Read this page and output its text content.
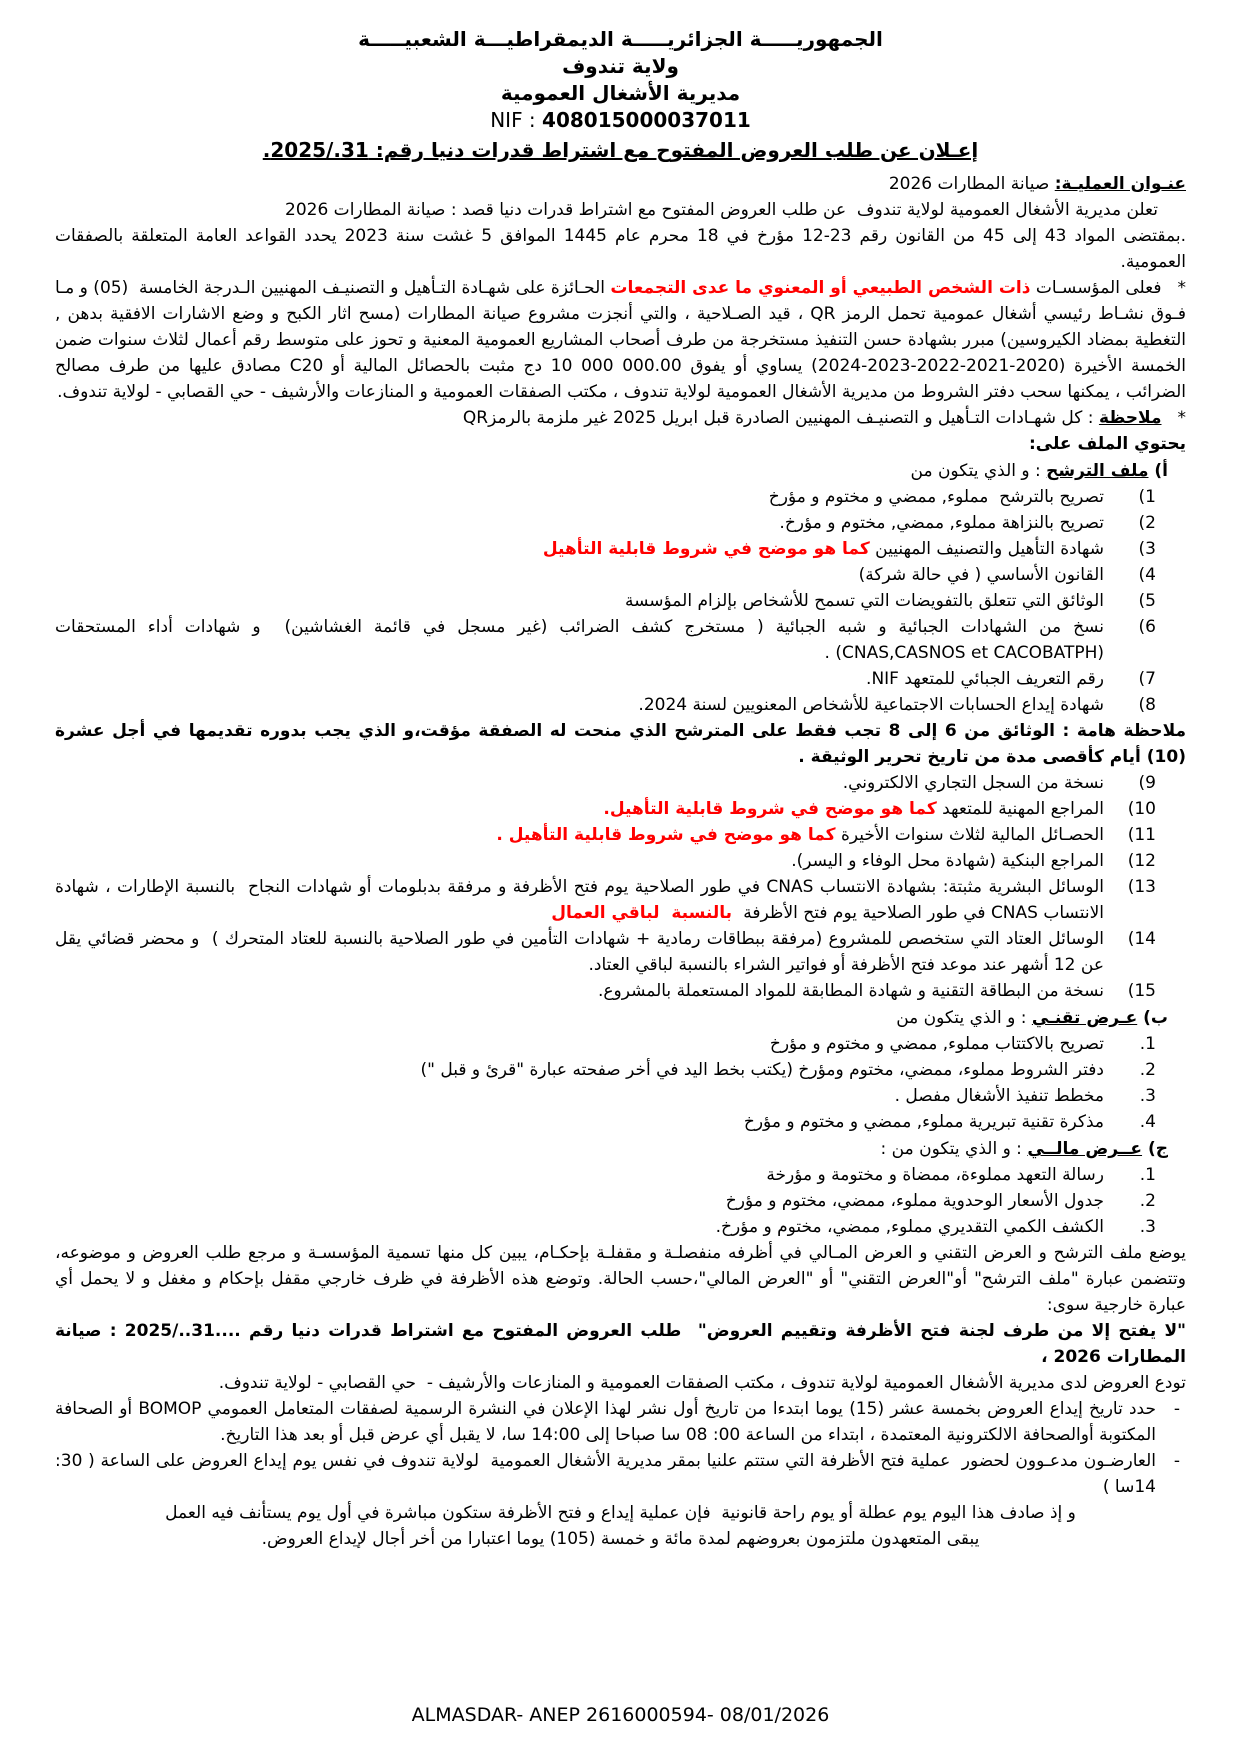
الجمهوريـــــة الجزائريـــــة الديمقراطيـــة الشعبيـــــة
ولاية تندوف
مديرية الأشغال العمومية
NIF : 408015000037011
إعـلان عن طلب العروض المفتوح مع اشتراط قدرات دنيا رقم: 31./2025.
عنـوان العمليـة: صيانة المطارات 2026
تعلن مديرية الأشغال العمومية لولاية تندوف  عن طلب العروض المفتوح مع اشتراط قدرات دنيا قصد : صيانة المطارات 2026
.بمقتضى المواد 43 إلى 45 من القانون رقم 23-12 مؤرخ في 18 محرم عام 1445 الموافق 5 غشت سنة 2023 يحدد القواعد العامة المتعلقة بالصفقات العمومية.
*فعلى المؤسسـات ذات الشخص الطبيعي أو المعنوي ما عدى التجمعات الحـائزة على شهـادة التـأهيل و التصنيـف المهنيين الـدرجة الخامسة  (05) و مـا فـوق نشـاط رئيسي أشغال عمومية تحمل الرمز QR ، قيد الصـلاحية ، والتي أنجزت مشروع صيانة المطارات (مسح اثار الكبح و وضع الاشارات الافقية بدهن , التغطية بمضاد الكيروسين) مبرر بشهادة حسن التنفيذ مستخرجة من طرف أصحاب المشاريع العمومية المعنية و تحوز على متوسط رقم أعمال لثلاث سنوات ضمن الخمسة الأخيرة (2020-2021-2022-2023-2024) يساوي أو يفوق 10 000 000.00 دج مثبت بالحصائل المالية أو C20 مصادق عليها من طرف مصالح الضرائب ، يمكنها سحب دفتر الشروط من مديرية الأشغال العمومية لولاية تندوف ، مكتب الصفقات العمومية و المنازعات والأرشيف - حي القصابي - لولاية تندوف.
*ملاحظة : كل شهـادات التـأهيل و التصنيـف المهنيين الصادرة قبل ابريل 2025 غير ملزمة بالرمزQR
يحتوي الملف على:
أ) ملف الترشح : و الذي يتكون من
1)
تصريح بالترشح  مملوء, ممضي و مختوم و مؤرخ
2)
تصريح بالنزاهة مملوء, ممضي, مختوم و مؤرخ.
3)
شهادة التأهيل والتصنيف المهنيين كما هو موضح في شروط قابلية التأهيل
4)
القانون الأساسي ( في حالة شركة)
5)
الوثائق التي تتعلق بالتفويضات التي تسمح للأشخاص بإلزام المؤسسة
6)
نسخ من الشهادات الجبائية و شبه الجبائية ( مستخرج كشف الضرائب (غير مسجل في قائمة الغشاشين)  و شهادات أداء المستحقات (CNAS,CASNOS et CACOBATPH) .
7)
رقم التعريف الجبائي للمتعهد NIF.
8)
شهادة إيداع الحسابات الاجتماعية للأشخاص المعنويين لسنة 2024.
ملاحظة هامة : الوثائق من 6 إلى 8 تجب فقط على المترشح الذي منحت له الصفقة مؤقت،و الذي يجب بدوره تقديمها في أجل عشرة   (10) أيام كأقصى مدة من تاريخ تحرير الوثيقة .
9)
نسخة من السجل التجاري الالكتروني.
10)
المراجع المهنية للمتعهد كما هو موضح في شروط قابلية التأهيل.
11)
الحصـائل المالية لثلاث سنوات الأخيرة كما هو موضح في شروط قابلية التأهيل .
12)
المراجع البنكية (شهادة محل الوفاء و اليسر).
13)
الوسائل البشرية مثبتة: بشهادة الانتساب CNAS في طور الصلاحية يوم فتح الأظرفة و مرفقة بدبلومات أو شهادات النجاح  بالنسبة الإطارات ، شهادة الانتساب CNAS في طور الصلاحية يوم فتح الأظرفة  بالنسبة  لباقي العمال
14)
الوسائل العتاد التي ستخصص للمشروع (مرفقة ببطاقات رمادية + شهادات التأمين في طور الصلاحية بالنسبة للعتاد المتحرك )  و محضر قضائي يقل عن 12 أشهر عند موعد فتح الأظرفة أو فواتير الشراء بالنسبة لباقي العتاد.
15)
نسخة من البطاقة التقنية و شهادة المطابقة للمواد المستعملة بالمشروع.
ب) عـرض تقنـي : و الذي يتكون من
1.
تصريح بالاكتتاب مملوء, ممضي و مختوم و مؤرخ
2.
دفتر الشروط مملوء، ممضي، مختوم ومؤرخ (يكتب بخط اليد في أخر صفحته عبارة "قرئ و قبل ")
3.
مخطط تنفيذ الأشغال مفصل .
4.
مذكرة تقنية تبريرية مملوء, ممضي و مختوم و مؤرخ
ج) عــرض مالــي : و الذي يتكون من :
1.
رسالة التعهد مملوءة، ممضاة و مختومة و مؤرخة
2.
جدول الأسعار الوحدوية مملوء، ممضي، مختوم و مؤرخ
3.
الكشف الكمي التقديري مملوء, ممضي، مختوم و مؤرخ.
يوضع ملف الترشح و العرض التقني و العرض المـالي في أظرفه منفصلـة و مقفلـة بإحكـام، يبين كل منها تسمية المؤسسـة و مرجع طلب العروض و موضوعه، وتتضمن عبارة "ملف الترشح" أو"العرض التقني" أو "العرض المالي"،حسب الحالة. وتوضع هذه الأظرفة في ظرف خارجي مقفل بإحكام و مغفل و لا يحمل أي عبارة خارجية سوى:
"لا يفتح إلا من طرف لجنة فتح الأظرفة وتقييم العروض"  طلب العروض المفتوح مع اشتراط قدرات دنيا رقم ....31../2025 : صيانة المطارات 2026 ،
تودع العروض لدى مديرية الأشغال العمومية لولاية تندوف ، مكتب الصفقات العمومية و المنازعات والأرشيف -  حي القصابي - لولاية تندوف.
-
حدد تاريخ إيداع العروض بخمسة عشر (15) يوما ابتدءا من تاريخ أول نشر لهذا الإعلان في النشرة الرسمية لصفقات المتعامل العمومي BOMOP أو الصحافة المكتوبة أوالصحافة الالكترونية المعتمدة ، ابتداء من الساعة 00: 08 سا صباحا إلى 14:00 سا، لا يقبل أي عرض قبل أو بعد هذا التاريخ.
-
العارضـون مدعـوون لحضور  عملية فتح الأظرفة التي ستتم علنيا بمقر مديرية الأشغال العمومية  لولاية تندوف في نفس يوم إيداع العروض على الساعة ( 30: 14سا )
و إذ صادف هذا اليوم يوم عطلة أو يوم راحة قانونية  فإن عملية إيداع و فتح الأظرفة ستكون مباشرة في أول يوم يستأنف فيه العمل
يبقى المتعهدون ملتزمون بعروضهم لمدة مائة و خمسة (105) يوما اعتبارا من أخر أجال لإيداع العروض.
ALMASDAR- ANEP 2616000594- 08/01/2026
